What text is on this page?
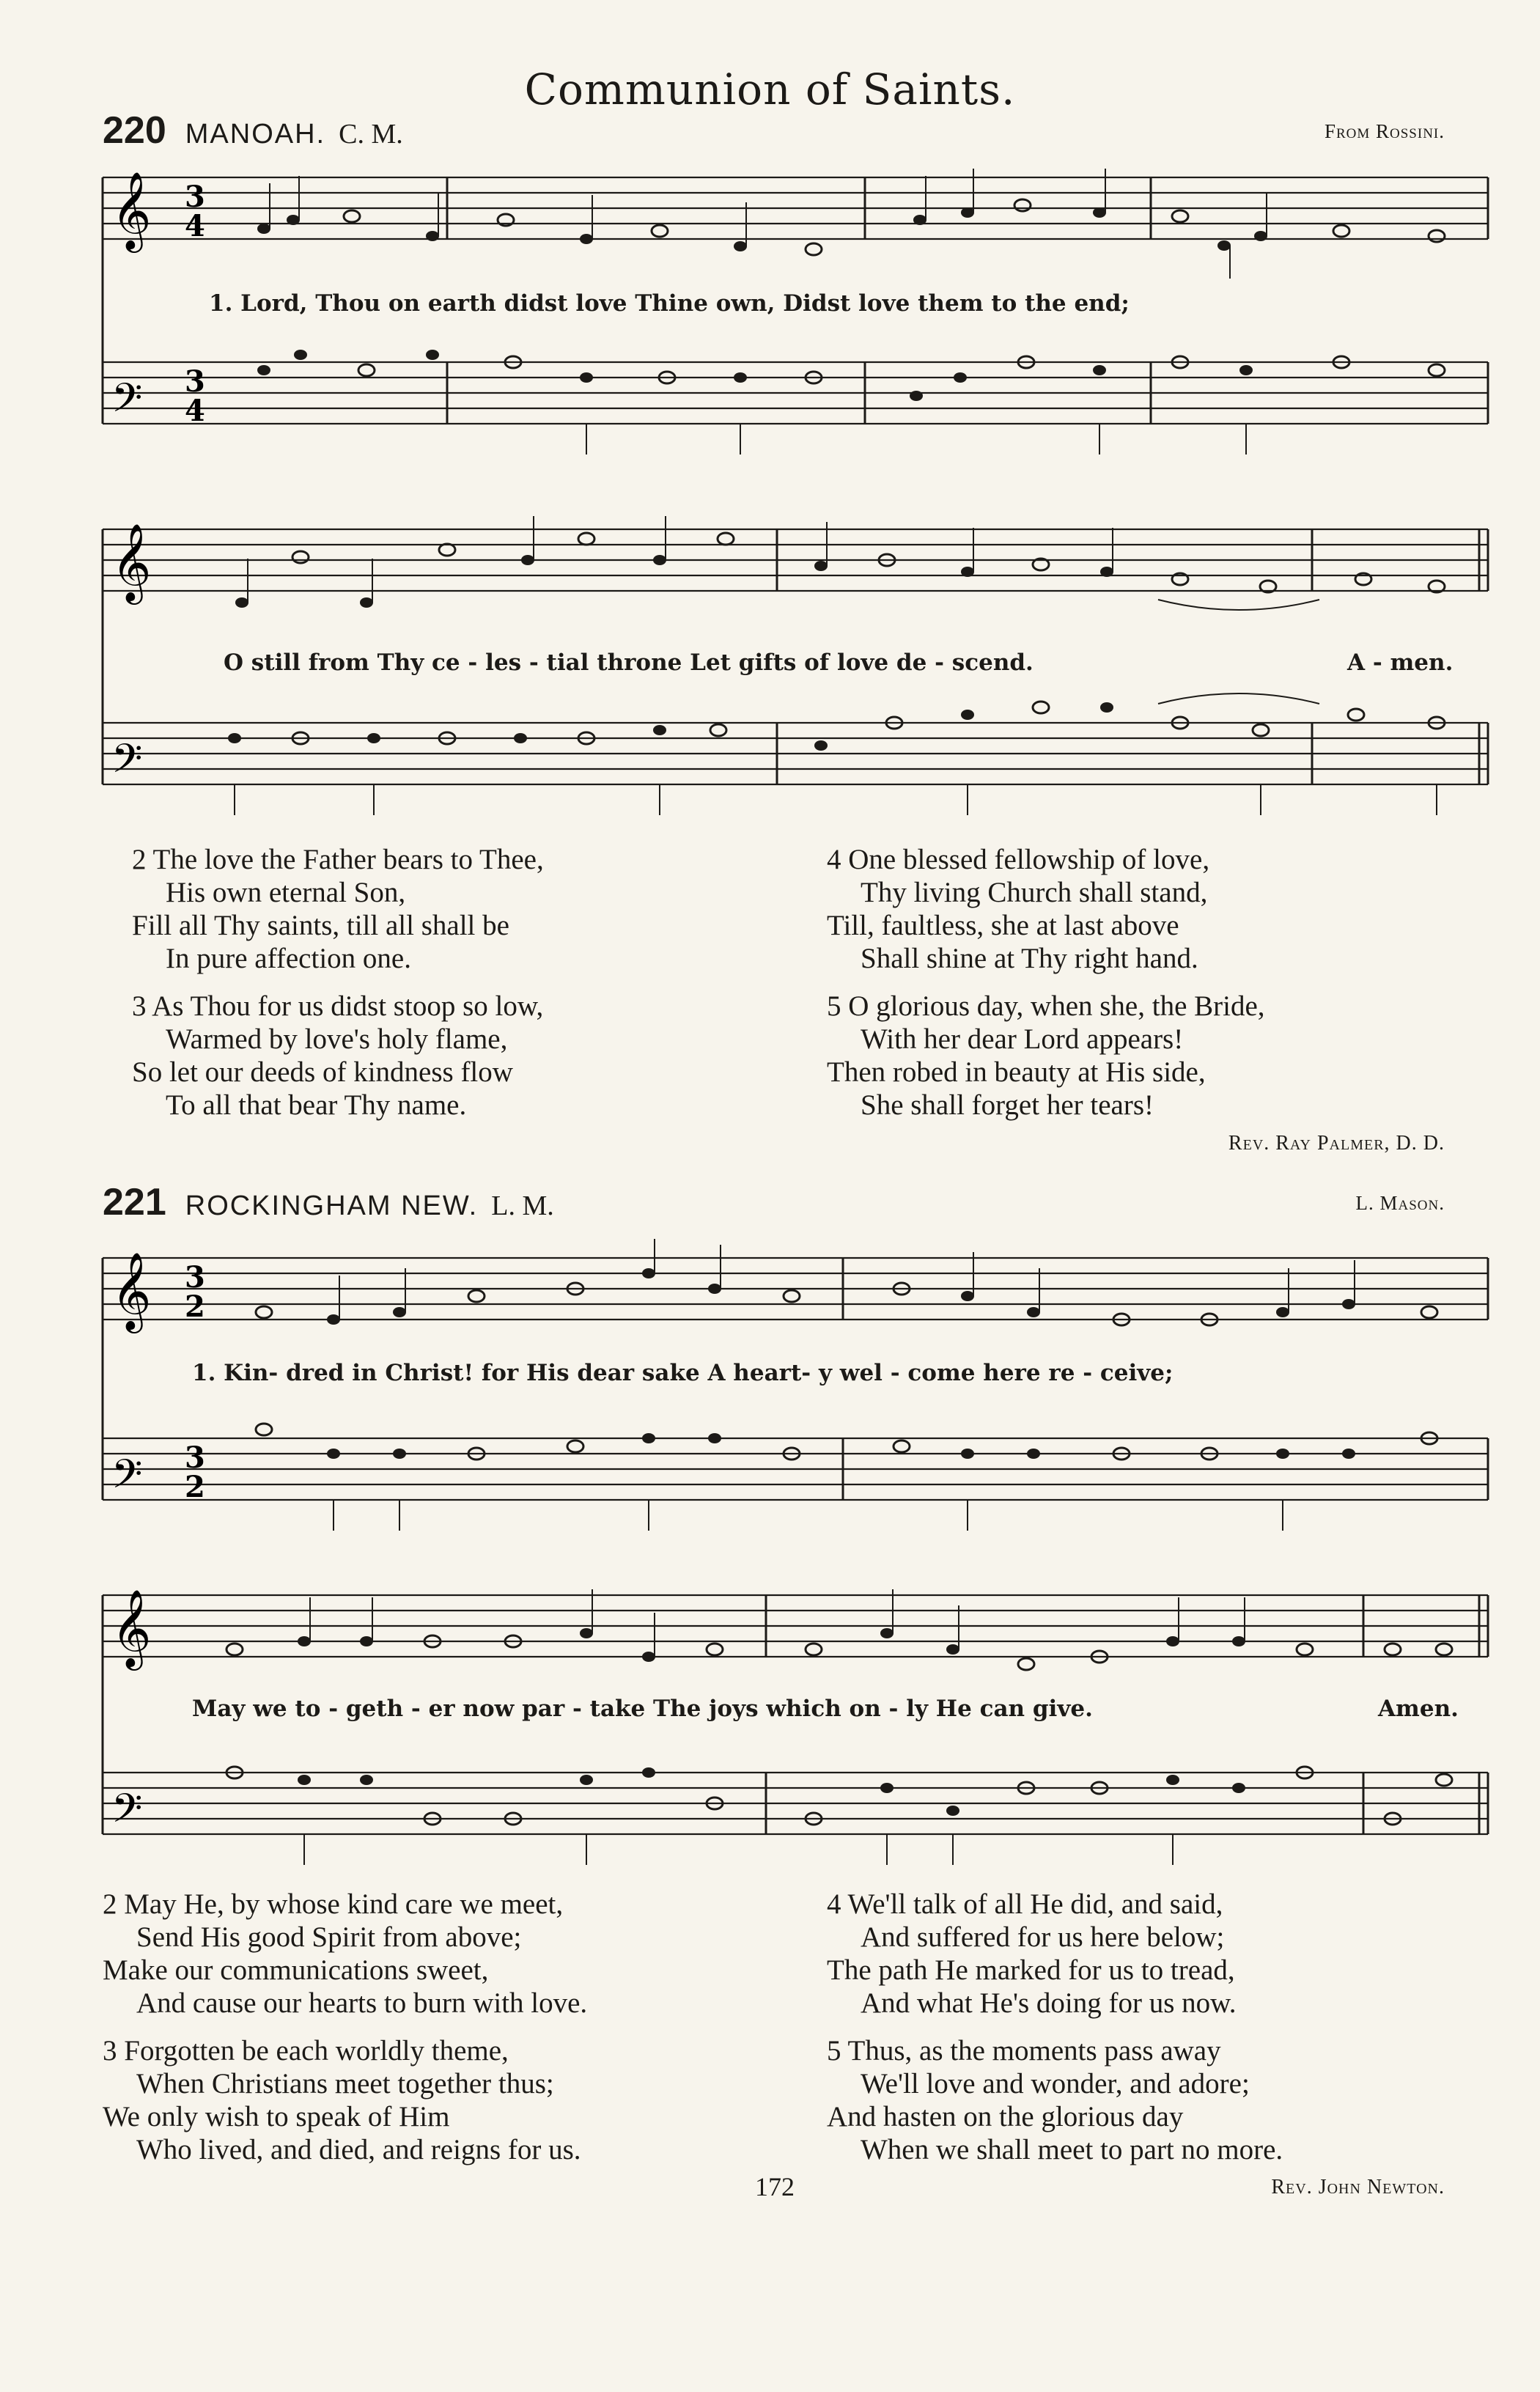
Communion of Saints.
220 MANOAH. C. M.	From Rossini.
𝄞
𝄢
3
4
3
4
1. Lord, Thou on earth didst love Thine own, Didst love them to the end;
𝄞
𝄢
O still from Thy ce - les - tial throne Let gifts of love de - scend.	A - men.
2 The love the Father bears to Thee,
His own eternal Son,
Fill all Thy saints, till all shall be
In pure affection one.
3 As Thou for us didst stoop so low,
Warmed by love's holy flame,
So let our deeds of kindness flow
To all that bear Thy name.
4 One blessed fellowship of love,
Thy living Church shall stand,
Till, faultless, she at last above
Shall shine at Thy right hand.
5 O glorious day, when she, the Bride,
With her dear Lord appears!
Then robed in beauty at His side,
She shall forget her tears!
Rev. Ray Palmer, D. D.
221 ROCKINGHAM NEW. L. M.	L. Mason.
𝄞
𝄢
3
2
3
2
1. Kin- dred in Christ! for His dear sake A heart- y wel - come here re - ceive;
𝄞
𝄢
May we to - geth - er now par - take The joys which on - ly He can give.	Amen.
2 May He, by whose kind care we meet,
Send His good Spirit from above;
Make our communications sweet,
And cause our hearts to burn with love.
3 Forgotten be each worldly theme,
When Christians meet together thus;
We only wish to speak of Him
Who lived, and died, and reigns for us.
4 We'll talk of all He did, and said,
And suffered for us here below;
The path He marked for us to tread,
And what He's doing for us now.
5 Thus, as the moments pass away
We'll love and wonder, and adore;
And hasten on the glorious day
When we shall meet to part no more.
172	Rev. John Newton.
